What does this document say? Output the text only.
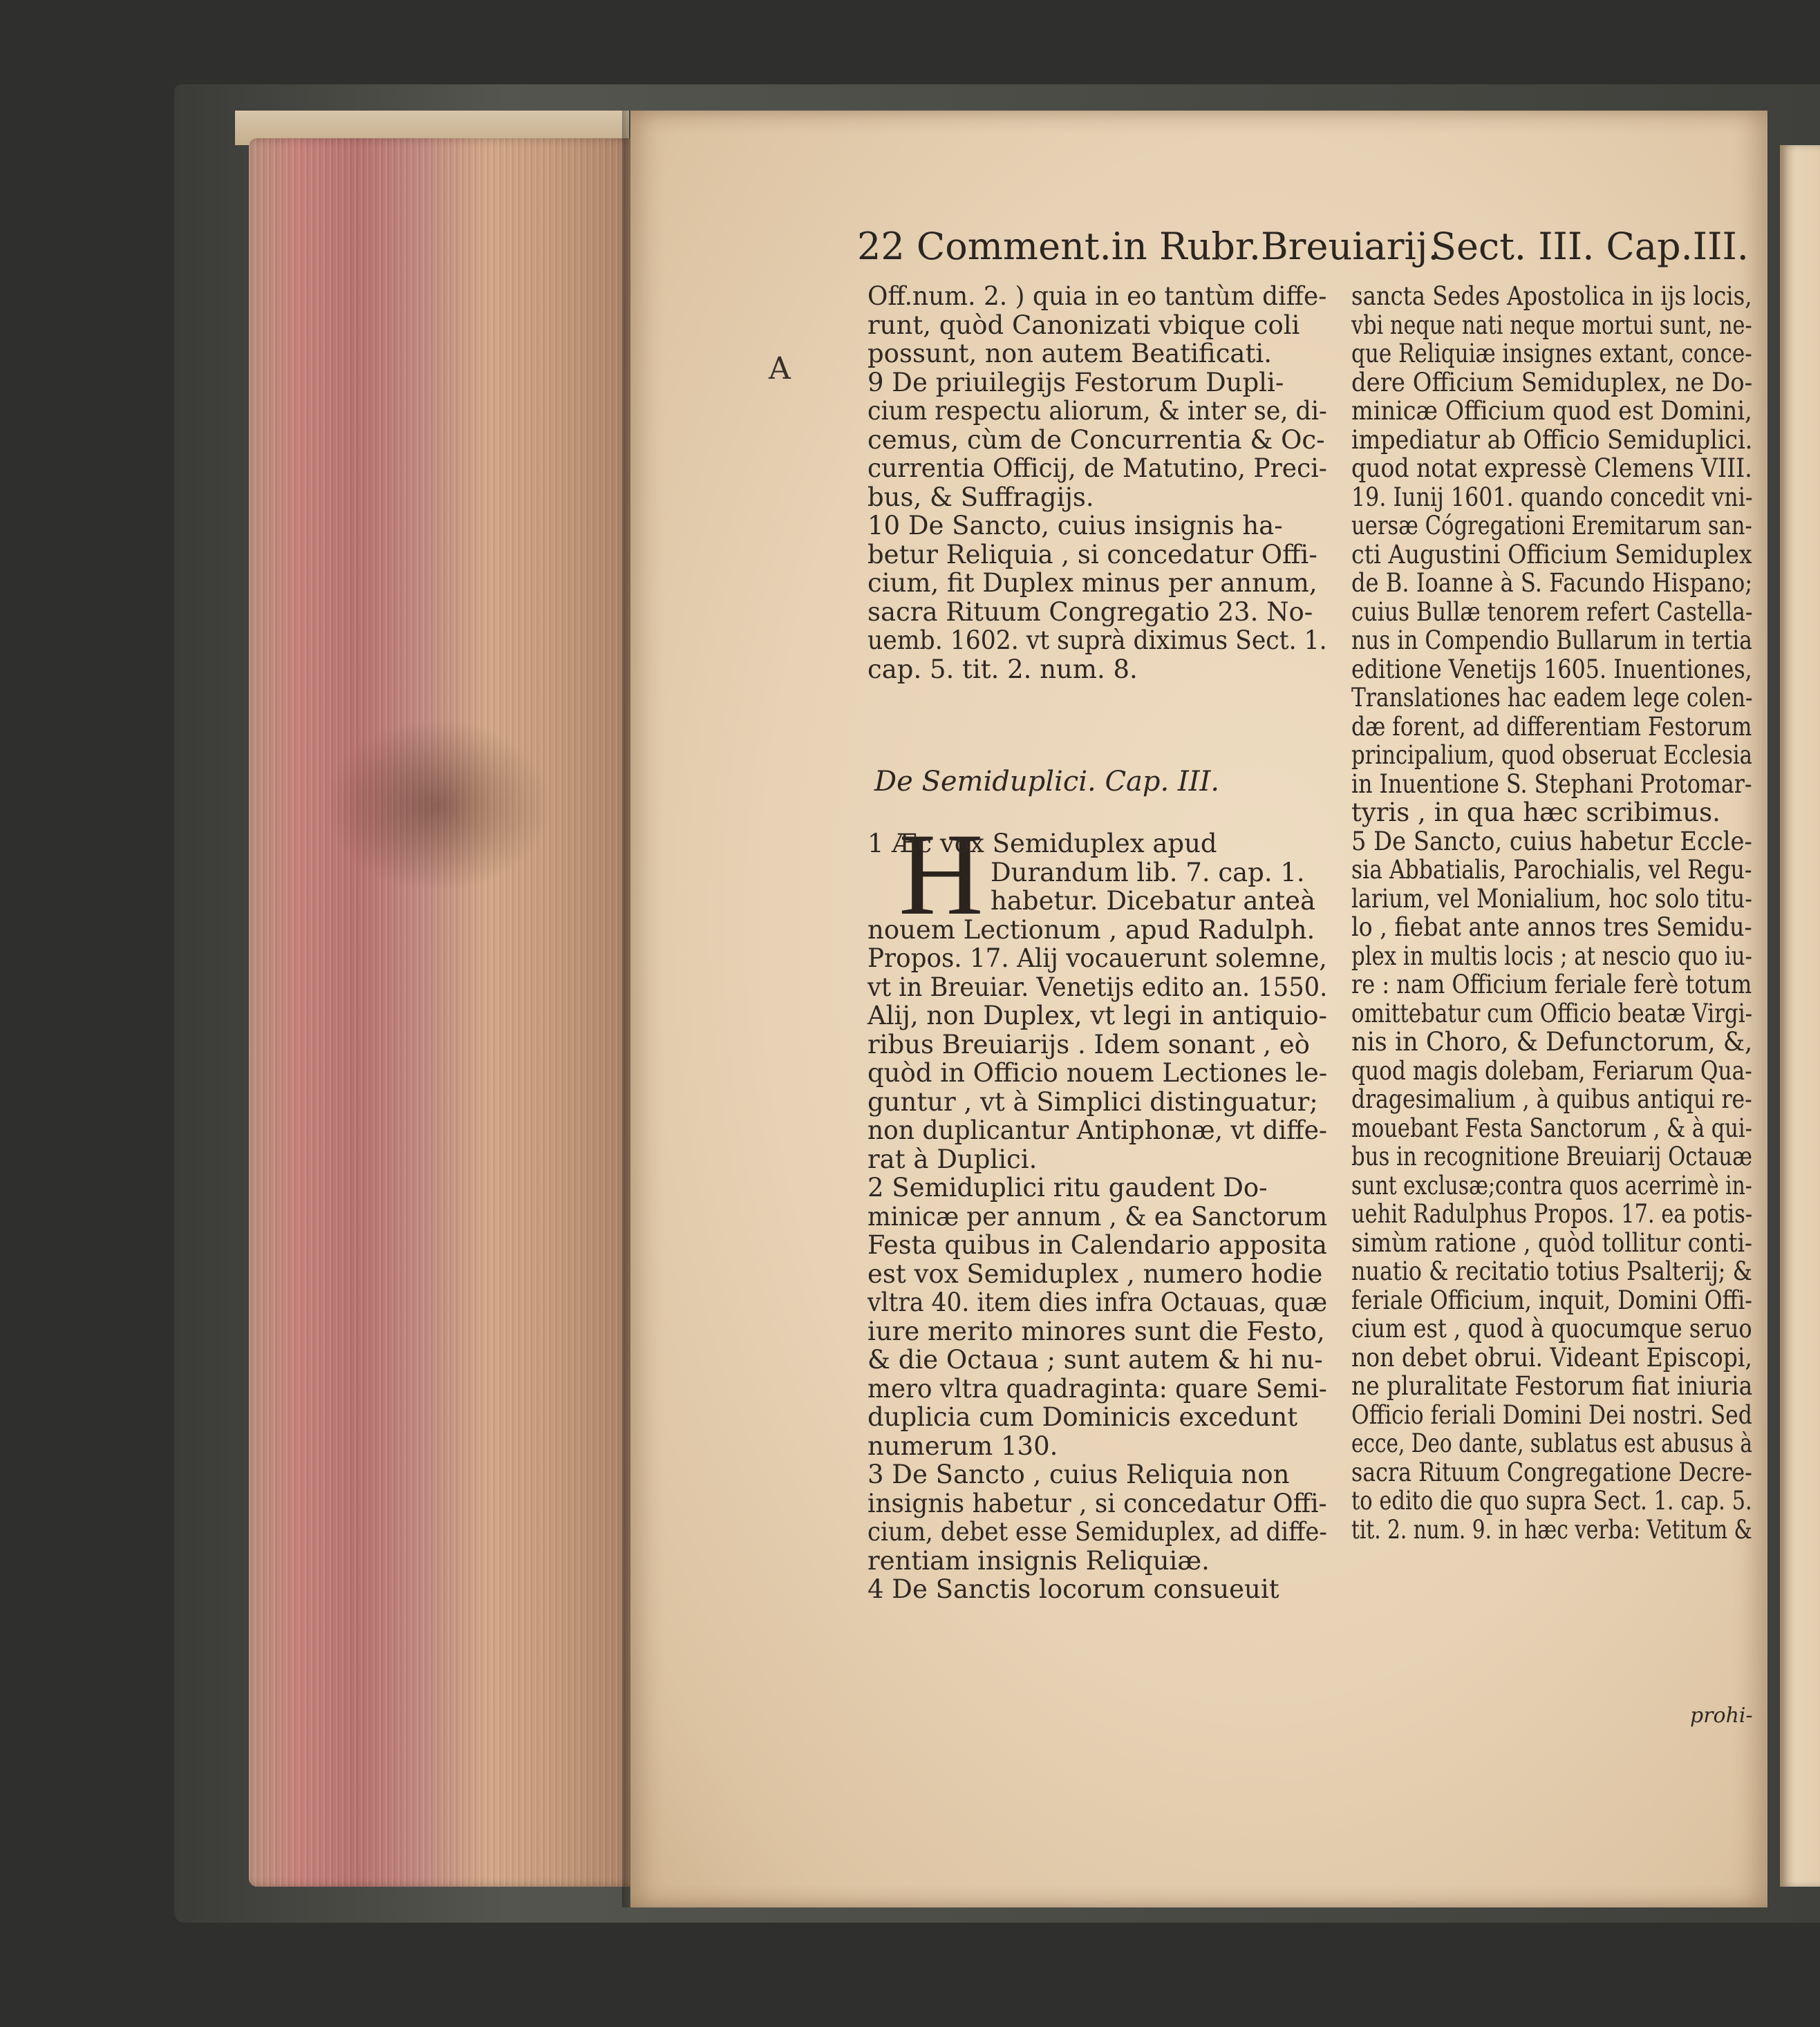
22 Comment.in Rubr.Breuiarij.
Sect. III. Cap.III.
A
Off.num. 2. ) quia in eo tantùm diffe-
runt, quòd Canonizati vbique coli
possunt, non autem Beatificati.
9 De priuilegijs Festorum Dupli-
cium respectu aliorum, & inter se, di-
cemus, cùm de Concurrentia & Oc-
currentia Officij, de Matutino, Preci-
bus, & Suffragijs.
10 De Sancto, cuius insignis ha-
betur Reliquia , si concedatur Offi-
cium, fit Duplex minus per annum,
sacra Rituum Congregatio 23. No-
uemb. 1602. vt suprà diximus Sect. 1.
cap. 5. tit. 2. num. 8.
De Semiduplici. Cap. III.
H
1 Æc vox Semiduplex apud
Durandum lib. 7. cap. 1.
habetur. Dicebatur anteà
nouem Lectionum , apud Radulph.
Propos. 17. Alij vocauerunt solemne,
vt in Breuiar. Venetijs edito an. 1550.
Alij, non Duplex, vt legi in antiquio-
ribus Breuiarijs . Idem sonant , eò
quòd in Officio nouem Lectiones le-
guntur , vt à Simplici distinguatur;
non duplicantur Antiphonæ, vt diffe-
rat à Duplici.
2 Semiduplici ritu gaudent Do-
minicæ per annum , & ea Sanctorum
Festa quibus in Calendario apposita
est vox Semiduplex , numero hodie
vltra 40. item dies infra Octauas, quæ
iure merito minores sunt die Festo,
& die Octaua ; sunt autem & hi nu-
mero vltra quadraginta: quare Semi-
duplicia cum Dominicis excedunt
numerum 130.
3 De Sancto , cuius Reliquia non
insignis habetur , si concedatur Offi-
cium, debet esse Semiduplex, ad diffe-
rentiam insignis Reliquiæ.
4 De Sanctis locorum consueuit
sancta Sedes Apostolica in ijs locis,
vbi neque nati neque mortui sunt, ne-
que Reliquiæ insignes extant, conce-
dere Officium Semiduplex, ne Do-
minicæ Officium quod est Domini,
impediatur ab Officio Semiduplici.
quod notat expressè Clemens VIII.
19. Iunij 1601. quando concedit vni-
uersæ Cógregationi Eremitarum san-
cti Augustini Officium Semiduplex
de B. Ioanne à S. Facundo Hispano;
cuius Bullæ tenorem refert Castella-
nus in Compendio Bullarum in tertia
editione Venetijs 1605. Inuentiones,
Translationes hac eadem lege colen-
dæ forent, ad differentiam Festorum
principalium, quod obseruat Ecclesia
in Inuentione S. Stephani Protomar-
tyris , in qua hæc scribimus.
5 De Sancto, cuius habetur Eccle-
sia Abbatialis, Parochialis, vel Regu-
larium, vel Monialium, hoc solo titu-
lo , fiebat ante annos tres Semidu-
plex in multis locis ; at nescio quo iu-
re : nam Officium feriale ferè totum
omittebatur cum Officio beatæ Virgi-
nis in Choro, & Defunctorum, &,
quod magis dolebam, Feriarum Qua-
dragesimalium , à quibus antiqui re-
mouebant Festa Sanctorum , & à qui-
bus in recognitione Breuiarij Octauæ
sunt exclusæ;contra quos acerrimè in-
uehit Radulphus Propos. 17. ea potis-
simùm ratione , quòd tollitur conti-
nuatio & recitatio totius Psalterij; &
feriale Officium, inquit, Domini Offi-
cium est , quod à quocumque seruo
non debet obrui. Videant Episcopi,
ne pluralitate Festorum fiat iniuria
Officio feriali Domini Dei nostri. Sed
ecce, Deo dante, sublatus est abusus à
sacra Rituum Congregatione Decre-
to edito die quo supra Sect. 1. cap. 5.
tit. 2. num. 9. in hæc verba: Vetitum &
prohi-
